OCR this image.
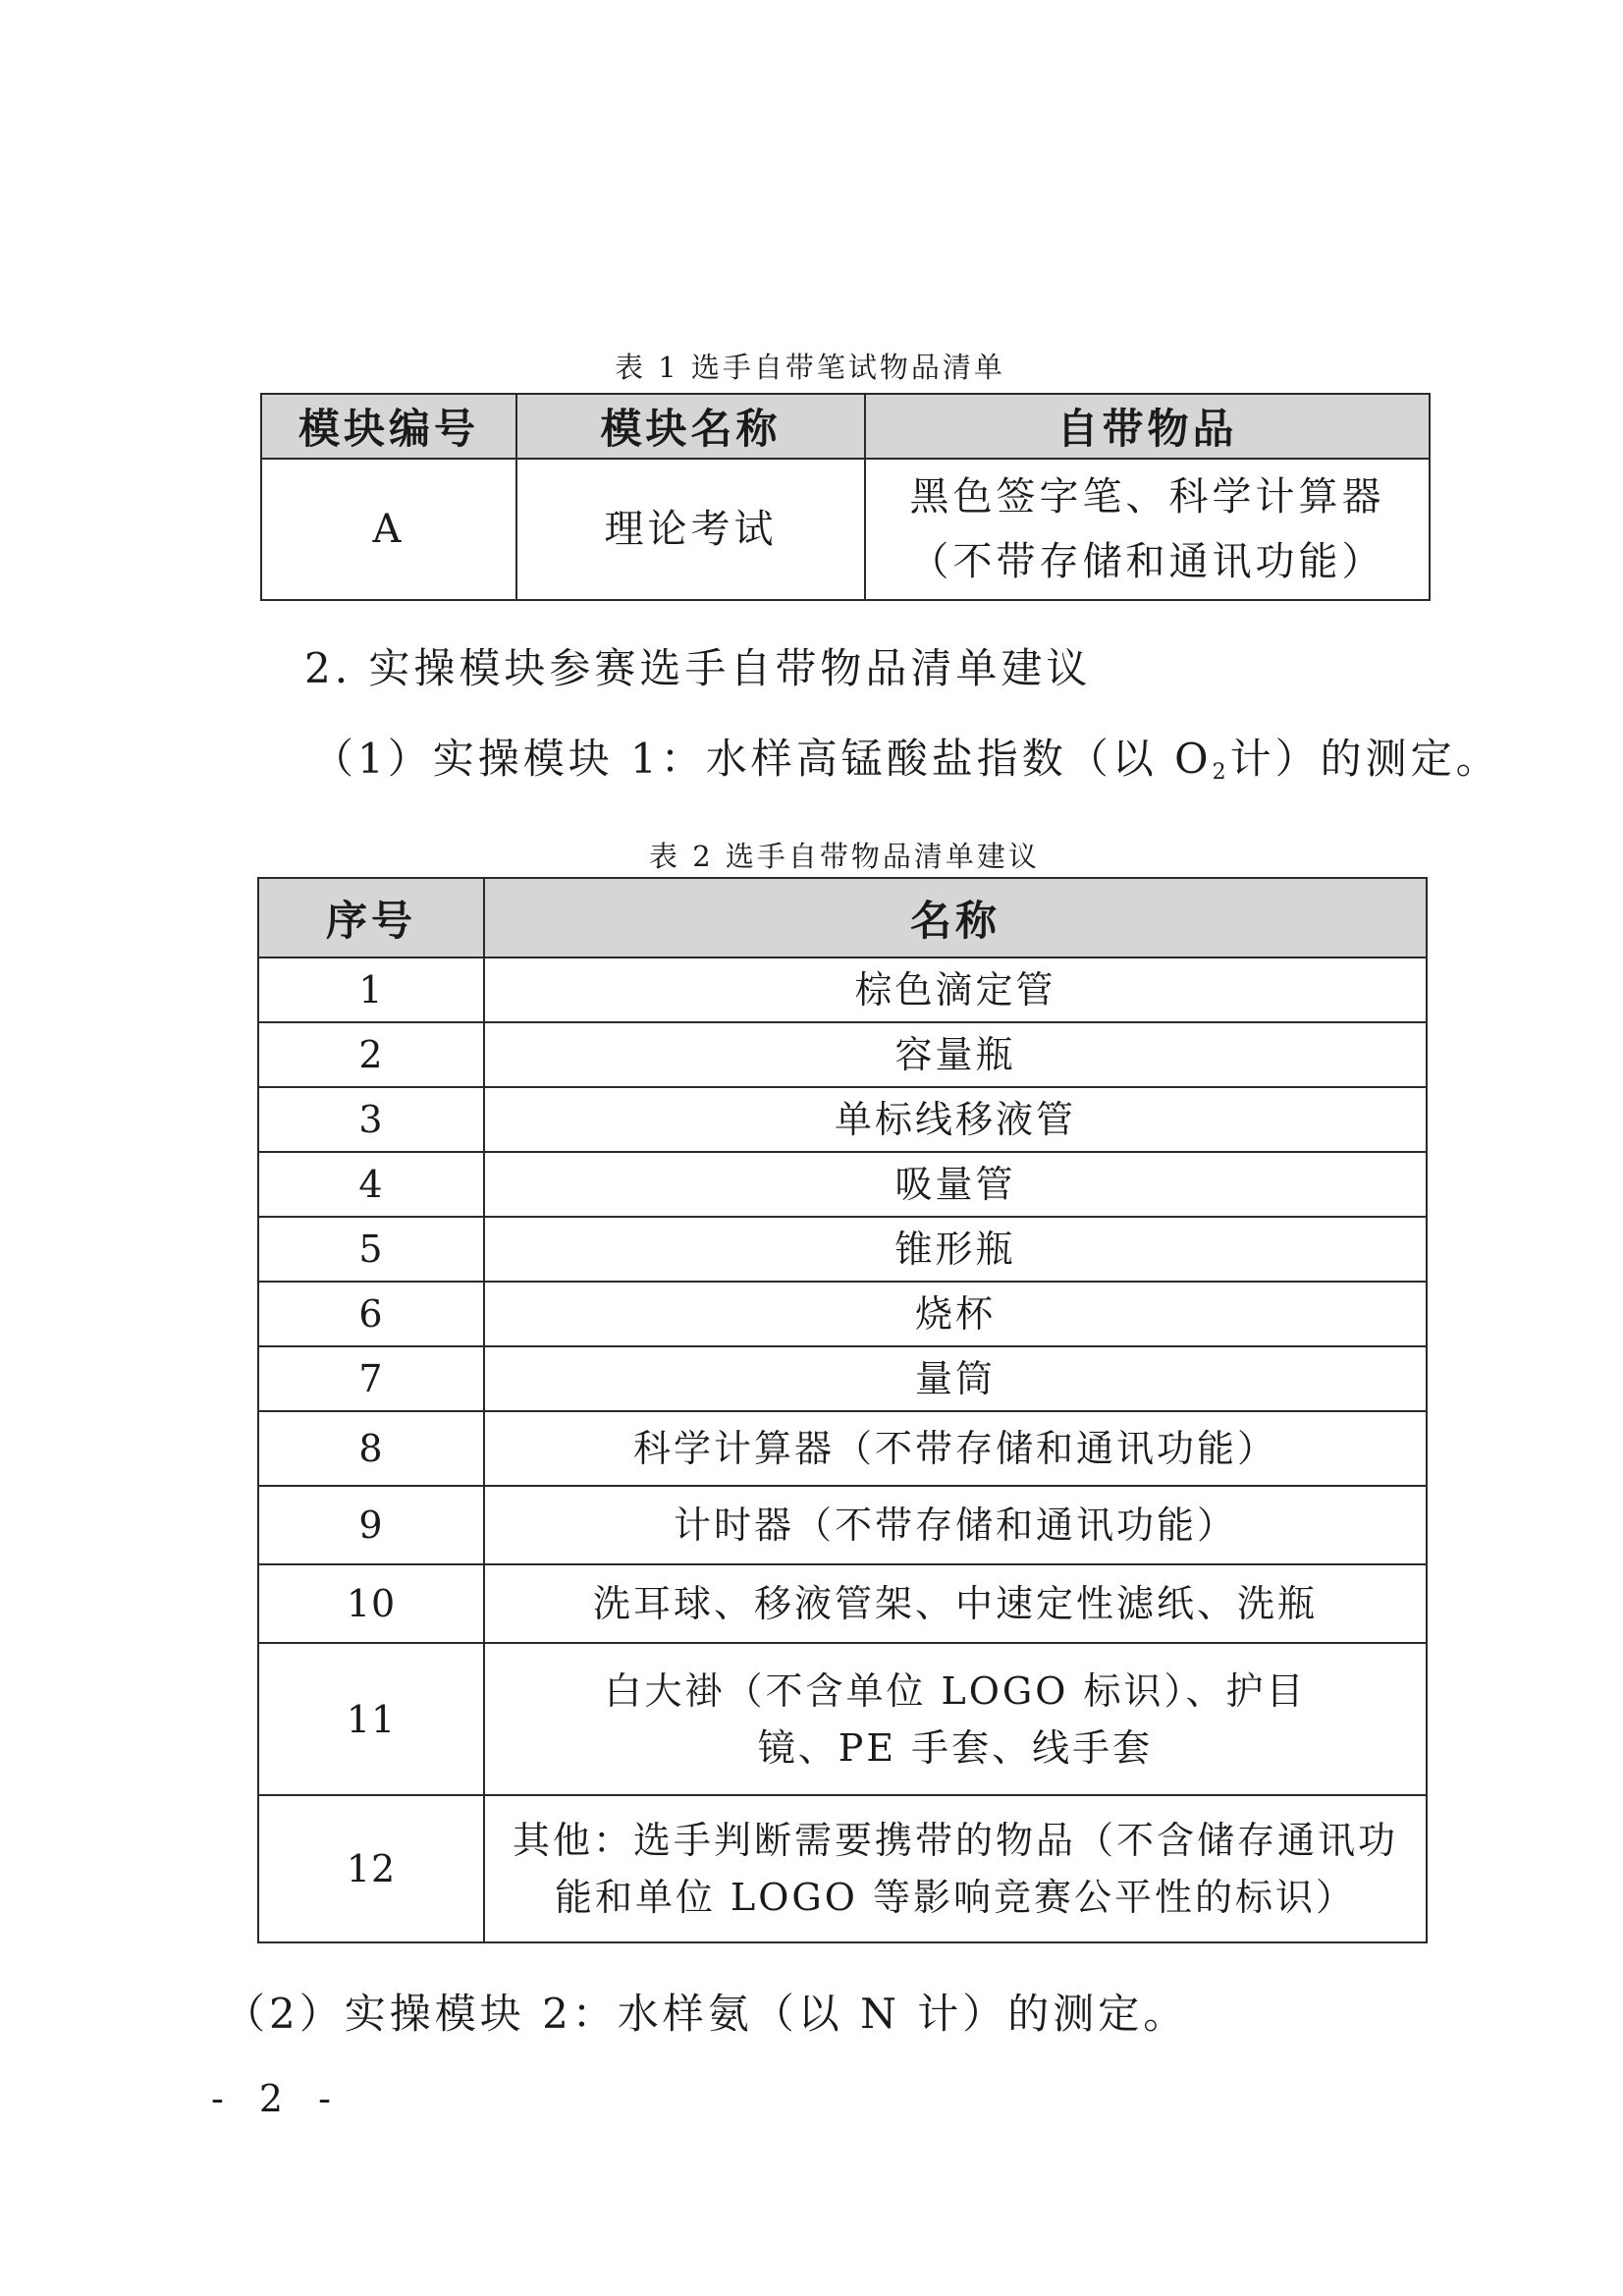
表 1 选手自带笔试物品清单
模块编号	模块名称	自带物品
A	理论考试	黑色签字笔、科学计算器（不带存储和通讯功能）
2. 实操模块参赛选手自带物品清单建议
（1）实操模块 1：水样高锰酸盐指数（以 $O_2$计）的测定。
表 2 选手自带物品清单建议
序号	名称
1	棕色滴定管
2	容量瓶
3	单标线移液管
4	吸量管
5	锥形瓶
6	烧杯
7	量筒
8	科学计算器（不带存储和通讯功能）
9	计时器（不带存储和通讯功能）
10	洗耳球、移液管架、中速定性滤纸、洗瓶
11	白大褂（不含单位 LOGO 标识）、护目镜、PE 手套、线手套
12	其他：选手判断需要携带的物品（不含储存通讯功能和单位 LOGO 等影响竞赛公平性的标识）
（2）实操模块 2：水样氨（以 N 计）的测定。
- 2 -
